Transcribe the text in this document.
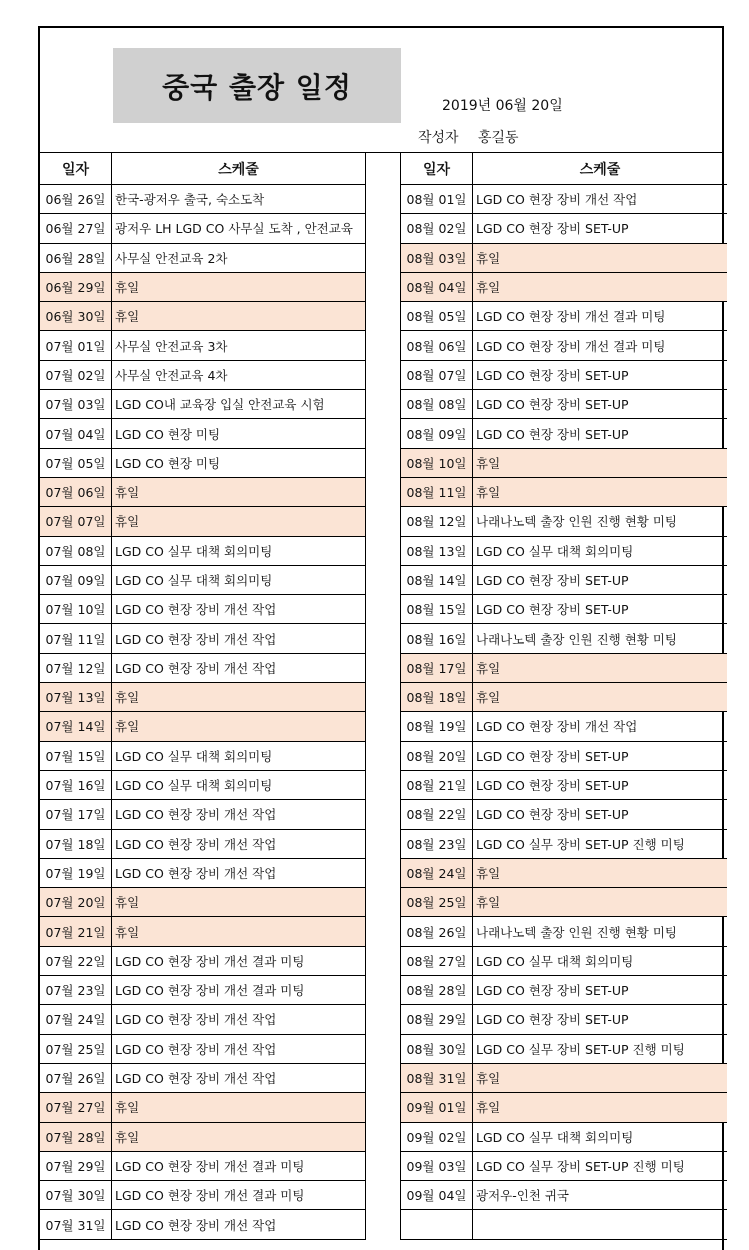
중국 출장 일정
2019년 06월 20일
작성자 홍길동
일자	스케줄
06월 26일 한국-광저우 출국, 숙소도착
06월 27일 광저우 LH LGD CO 사무실 도착 , 안전교육
06월 28일 사무실 안전교육 2차
06월 29일 휴일
06월 30일 휴일
07월 01일 사무실 안전교육 3차
07월 02일 사무실 안전교육 4차
07월 03일 LGD CO내 교육장 입실 안전교육 시험
07월 04일 LGD CO 현장 미팅
07월 05일 LGD CO 현장 미팅
07월 06일 휴일
07월 07일 휴일
07월 08일 LGD CO 실무 대책 회의미팅
07월 09일 LGD CO 실무 대책 회의미팅
07월 10일 LGD CO 현장 장비 개선 작업
07월 11일 LGD CO 현장 장비 개선 작업
07월 12일 LGD CO 현장 장비 개선 작업
07월 13일 휴일
07월 14일 휴일
07월 15일 LGD CO 실무 대책 회의미팅
07월 16일 LGD CO 실무 대책 회의미팅
07월 17일 LGD CO 현장 장비 개선 작업
07월 18일 LGD CO 현장 장비 개선 작업
07월 19일 LGD CO 현장 장비 개선 작업
07월 20일 휴일
07월 21일 휴일
07월 22일 LGD CO 현장 장비 개선 결과 미팅
07월 23일 LGD CO 현장 장비 개선 결과 미팅
07월 24일 LGD CO 현장 장비 개선 작업
07월 25일 LGD CO 현장 장비 개선 작업
07월 26일 LGD CO 현장 장비 개선 작업
07월 27일 휴일
07월 28일 휴일
07월 29일 LGD CO 현장 장비 개선 결과 미팅
07월 30일 LGD CO 현장 장비 개선 결과 미팅
07월 31일 LGD CO 현장 장비 개선 작업
일자	스케줄
08월 01일 LGD CO 현장 장비 개선 작업
08월 02일 LGD CO 현장 장비 SET-UP
08월 03일 휴일
08월 04일 휴일
08월 05일 LGD CO 현장 장비 개선 결과 미팅
08월 06일 LGD CO 현장 장비 개선 결과 미팅
08월 07일 LGD CO 현장 장비 SET-UP
08월 08일 LGD CO 현장 장비 SET-UP
08월 09일 LGD CO 현장 장비 SET-UP
08월 10일 휴일
08월 11일 휴일
08월 12일 나래나노텍 출장 인원 진행 현황 미팅
08월 13일 LGD CO 실무 대책 회의미팅
08월 14일 LGD CO 현장 장비 SET-UP
08월 15일 LGD CO 현장 장비 SET-UP
08월 16일 나래나노텍 출장 인원 진행 현황 미팅
08월 17일 휴일
08월 18일 휴일
08월 19일 LGD CO 현장 장비 개선 작업
08월 20일 LGD CO 현장 장비 SET-UP
08월 21일 LGD CO 현장 장비 SET-UP
08월 22일 LGD CO 현장 장비 SET-UP
08월 23일 LGD CO 실무 장비 SET-UP 진행 미팅
08월 24일 휴일
08월 25일 휴일
08월 26일 나래나노텍 출장 인원 진행 현황 미팅
08월 27일 LGD CO 실무 대책 회의미팅
08월 28일 LGD CO 현장 장비 SET-UP
08월 29일 LGD CO 현장 장비 SET-UP
08월 30일 LGD CO 실무 장비 SET-UP 진행 미팅
08월 31일 휴일
09월 01일 휴일
09월 02일 LGD CO 실무 대책 회의미팅
09월 03일 LGD CO 실무 장비 SET-UP 진행 미팅
09월 04일 광저우-인천 귀국
